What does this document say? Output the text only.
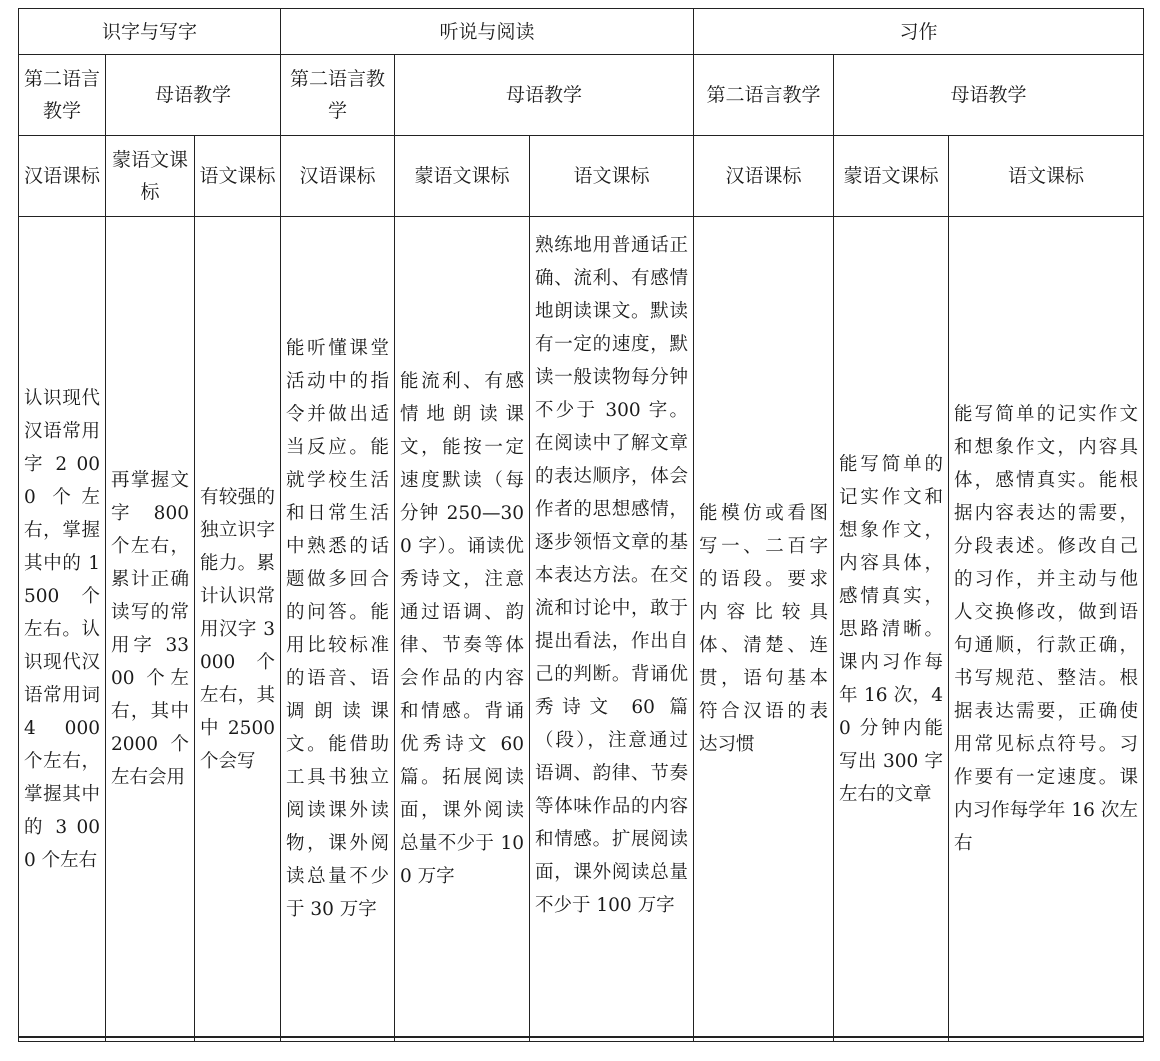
识字与写字			听说与阅读			习作		
第二语言教学	母语教学		第二语言教学	母语教学		第二语言教学	母语教学	
汉语课标	蒙语文课标	语文课标	汉语课标	蒙语文课标	语文课标	汉语课标	蒙语文课标	语文课标
认识现代汉语常用字 2 000 个左右，掌握其中的 1500 个左右。认识现代汉语常用词 4 000 个左右，掌握其中的 3 000 个左右	再掌握文字 800 个左右，累计正确读写的常用字 3300 个左右，其中2000 个左右会用	有较强的独立识字能力。累计认识常用汉字 3000 个左右，其中 2500 个会写	能听懂课堂活动中的指令并做出适当反应。能就学校生活和日常生活中熟悉的话题做多回合的问答。能用比较标准的语音、语调朗读课文。能借助工具书独立阅读课外读物，课外阅读总量不少于 30 万字	能流利、有感情地朗读课文，能按一定速度默读（每分钟 250—300 字）。诵读优秀诗文，注意通过语调、韵律、节奏等体会作品的内容和情感。背诵优秀诗文 60 篇。拓展阅读面，课外阅读总量不少于 100 万字	熟练地用普通话正确、流利、有感情地朗读课文。默读有一定的速度，默读一般读物每分钟不少于 300 字。在阅读中了解文章的表达顺序，体会作者的思想感情，逐步领悟文章的基本表达方法。在交流和讨论中，敢于提出看法，作出自己的判断。背诵优秀诗文 60 篇（段），注意通过语调、韵律、节奏等体味作品的内容和情感。扩展阅读面，课外阅读总量不少于 100 万字	能模仿或看图写一、二百字的语段。要求内容比较具体、清楚、连贯，语句基本符合汉语的表达习惯	能写简单的记实作文和想象作文，内容具体，感情真实，思路清晰。课内习作每年 16 次，40 分钟内能写出 300 字左右的文章	能写简单的记实作文和想象作文，内容具体，感情真实。能根据内容表达的需要，分段表述。修改自己的习作，并主动与他人交换修改，做到语句通顺，行款正确，书写规范、整洁。根据表达需要，正确使用常见标点符号。习作要有一定速度。课内习作每学年 16 次左右
